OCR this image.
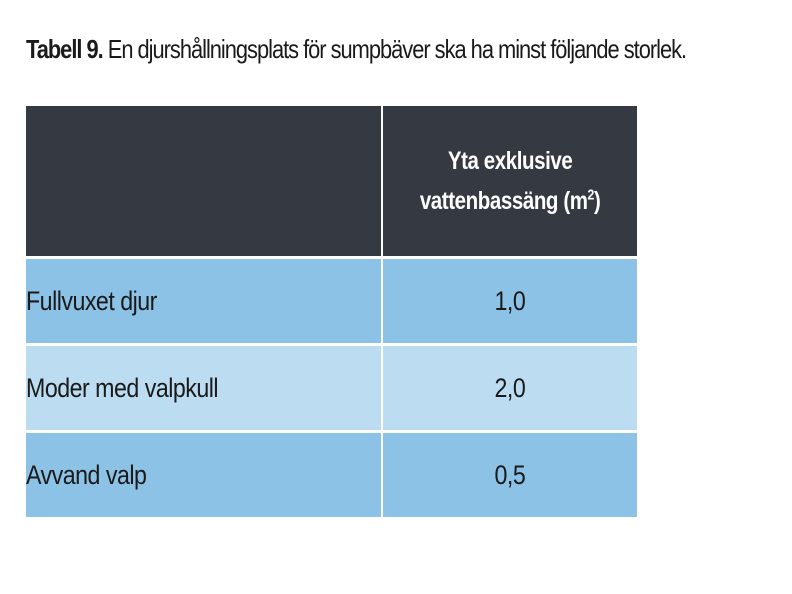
Tabell 9. En djurshållningsplats för sumpbäver ska ha minst följande storlek.
	Yta exklusive
vattenbassäng $(m^2)$
Fullvuxet djur	1,0
Moder med valpkull	2,0
Avvand valp	0,5
